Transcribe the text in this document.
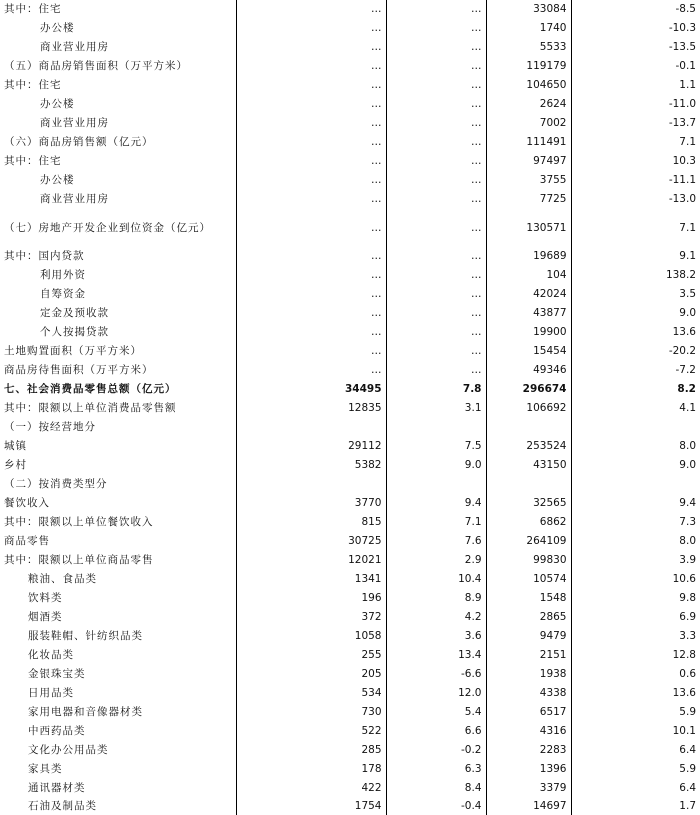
其中：住宅	…	…	33084	-8.5
办公楼	…	…	1740	-10.3
商业营业用房	…	…	5533	-13.5
（五）商品房销售面积（万平方米）	…	…	119179	-0.1
其中：住宅	…	…	104650	1.1
办公楼	…	…	2624	-11.0
商业营业用房	…	…	7002	-13.7
（六）商品房销售额（亿元）	…	…	111491	7.1
其中：住宅	…	…	97497	10.3
办公楼	…	…	3755	-11.1
商业营业用房	…	…	7725	-13.0
（七）房地产开发企业到位资金（亿元）	…	…	130571	7.1
其中：国内贷款	…	…	19689	9.1
利用外资	…	…	104	138.2
自筹资金	…	…	42024	3.5
定金及预收款	…	…	43877	9.0
个人按揭贷款	…	…	19900	13.6
土地购置面积（万平方米）	…	…	15454	-20.2
商品房待售面积（万平方米）	…	…	49346	-7.2
七、社会消费品零售总额（亿元）	34495	7.8	296674	8.2
其中：限额以上单位消费品零售额	12835	3.1	106692	4.1
（一）按经营地分				
城镇	29112	7.5	253524	8.0
乡村	5382	9.0	43150	9.0
（二）按消费类型分				
餐饮收入	3770	9.4	32565	9.4
其中：限额以上单位餐饮收入	815	7.1	6862	7.3
商品零售	30725	7.6	264109	8.0
其中：限额以上单位商品零售	12021	2.9	99830	3.9
粮油、食品类	1341	10.4	10574	10.6
饮料类	196	8.9	1548	9.8
烟酒类	372	4.2	2865	6.9
服装鞋帽、针纺织品类	1058	3.6	9479	3.3
化妆品类	255	13.4	2151	12.8
金银珠宝类	205	-6.6	1938	0.6
日用品类	534	12.0	4338	13.6
家用电器和音像器材类	730	5.4	6517	5.9
中西药品类	522	6.6	4316	10.1
文化办公用品类	285	-0.2	2283	6.4
家具类	178	6.3	1396	5.9
通讯器材类	422	8.4	3379	6.4
石油及制品类	1754	-0.4	14697	1.7
